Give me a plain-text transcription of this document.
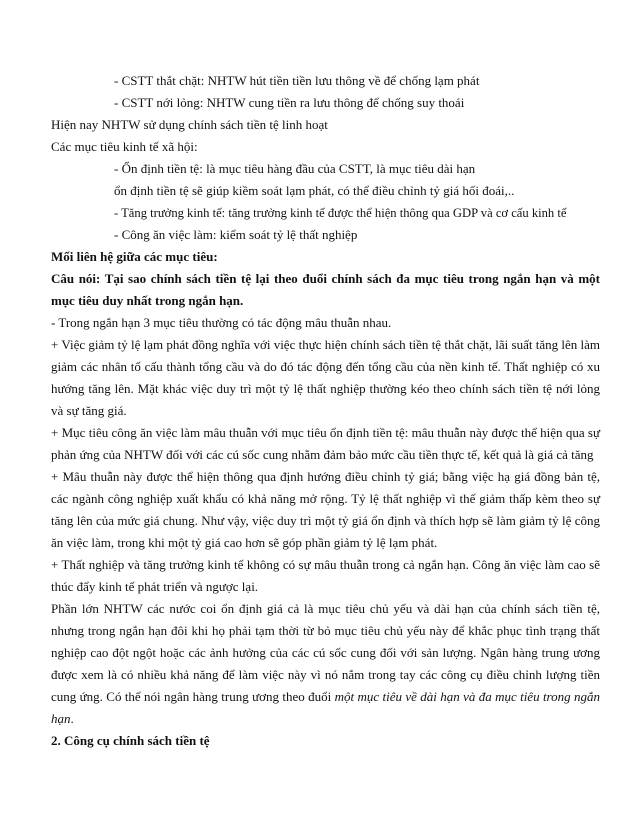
- CSTT thắt chặt: NHTW hút tiền tiền lưu thông về để chống lạm phát

- CSTT nới lỏng: NHTW cung tiền ra lưu thông để chống suy thoái

Hiện nay NHTW sử dụng chính sách tiền tệ linh hoạt

Các mục tiêu kinh tế xã hội:

- Ổn định tiền tệ: là mục tiêu hàng đầu của CSTT, là mục tiêu dài hạn

ổn định tiền tệ sẽ giúp kiềm soát lạm phát, có thể điều chỉnh tỷ giá hối đoái,..

- Tăng trưởng kinh tế: tăng trưởng kinh tế được thể hiện thông qua GDP và cơ cấu kinh tế

- Công ăn việc làm: kiểm soát tỷ lệ thất nghiệp

Mối liên hệ giữa các mục tiêu:

Câu nói: Tại sao chính sách tiền tệ lại theo đuổi chính sách đa mục tiêu trong ngắn hạn và một mục tiêu duy nhất trong ngắn hạn.

- Trong ngắn hạn 3 mục tiêu thường có tác động mâu thuẫn nhau.

+ Việc giảm tỷ lệ lạm phát đồng nghĩa với việc thực hiện chính sách tiền tệ thắt chặt, lãi suất tăng lên làm giảm các nhân tố cấu thành tổng cầu và do đó tác động đến tổng cầu của nền kinh tế. Thất nghiệp có xu hướng tăng lên. Mặt khác việc duy trì một tỷ lệ thất nghiệp thường kéo theo chính sách tiền tệ nới lỏng và sự tăng giá.

+ Mục tiêu công ăn việc làm mâu thuẫn với mục tiêu ổn định tiền tệ: mâu thuẫn này được thể hiện qua sự phản ứng của NHTW đối với các cú sốc cung nhằm đảm bảo mức cầu tiền thực tế, kết quả là giá cả tăng

+ Mâu thuẫn này được thể hiện thông qua định hướng điều chỉnh tỷ giá; bằng việc hạ giá đồng bản tệ, các ngành công nghiệp xuất khẩu có khả năng mở rộng. Tỷ lệ thất nghiệp vì thế giảm thấp kèm theo sự tăng lên của mức giá chung. Như vậy, việc duy trì một tỷ giá ổn định và thích hợp sẽ làm giảm tỷ lệ công ăn việc làm, trong khi một tỷ giá cao hơn sẽ góp phần giảm tỷ lệ lạm phát.

+ Thất nghiệp và tăng trưởng kinh tế không có sự mâu thuẫn trong cả ngắn hạn. Công ăn việc làm cao sẽ thúc đẩy kinh tế phát triển và ngược lại.

Phần lớn NHTW các nước coi ổn định giá cả là mục tiêu chủ yếu và dài hạn của chính sách tiền tệ, nhưng trong ngắn hạn đôi khi họ phải tạm thời từ bỏ mục tiêu chủ yếu này để khắc phục tình trạng thất nghiệp cao đột ngột hoặc các ảnh hưởng của các cú sốc cung đối với sản lượng. Ngân hàng trung ương được xem là có nhiều khả năng để làm việc này vì nó nắm trong tay các công cụ điều chỉnh lượng tiền cung ứng. Có thể nói ngân hàng trung ương theo đuổi một mục tiêu về dài hạn và đa mục tiêu trong ngắn hạn.

2. Công cụ chính sách tiền tệ
